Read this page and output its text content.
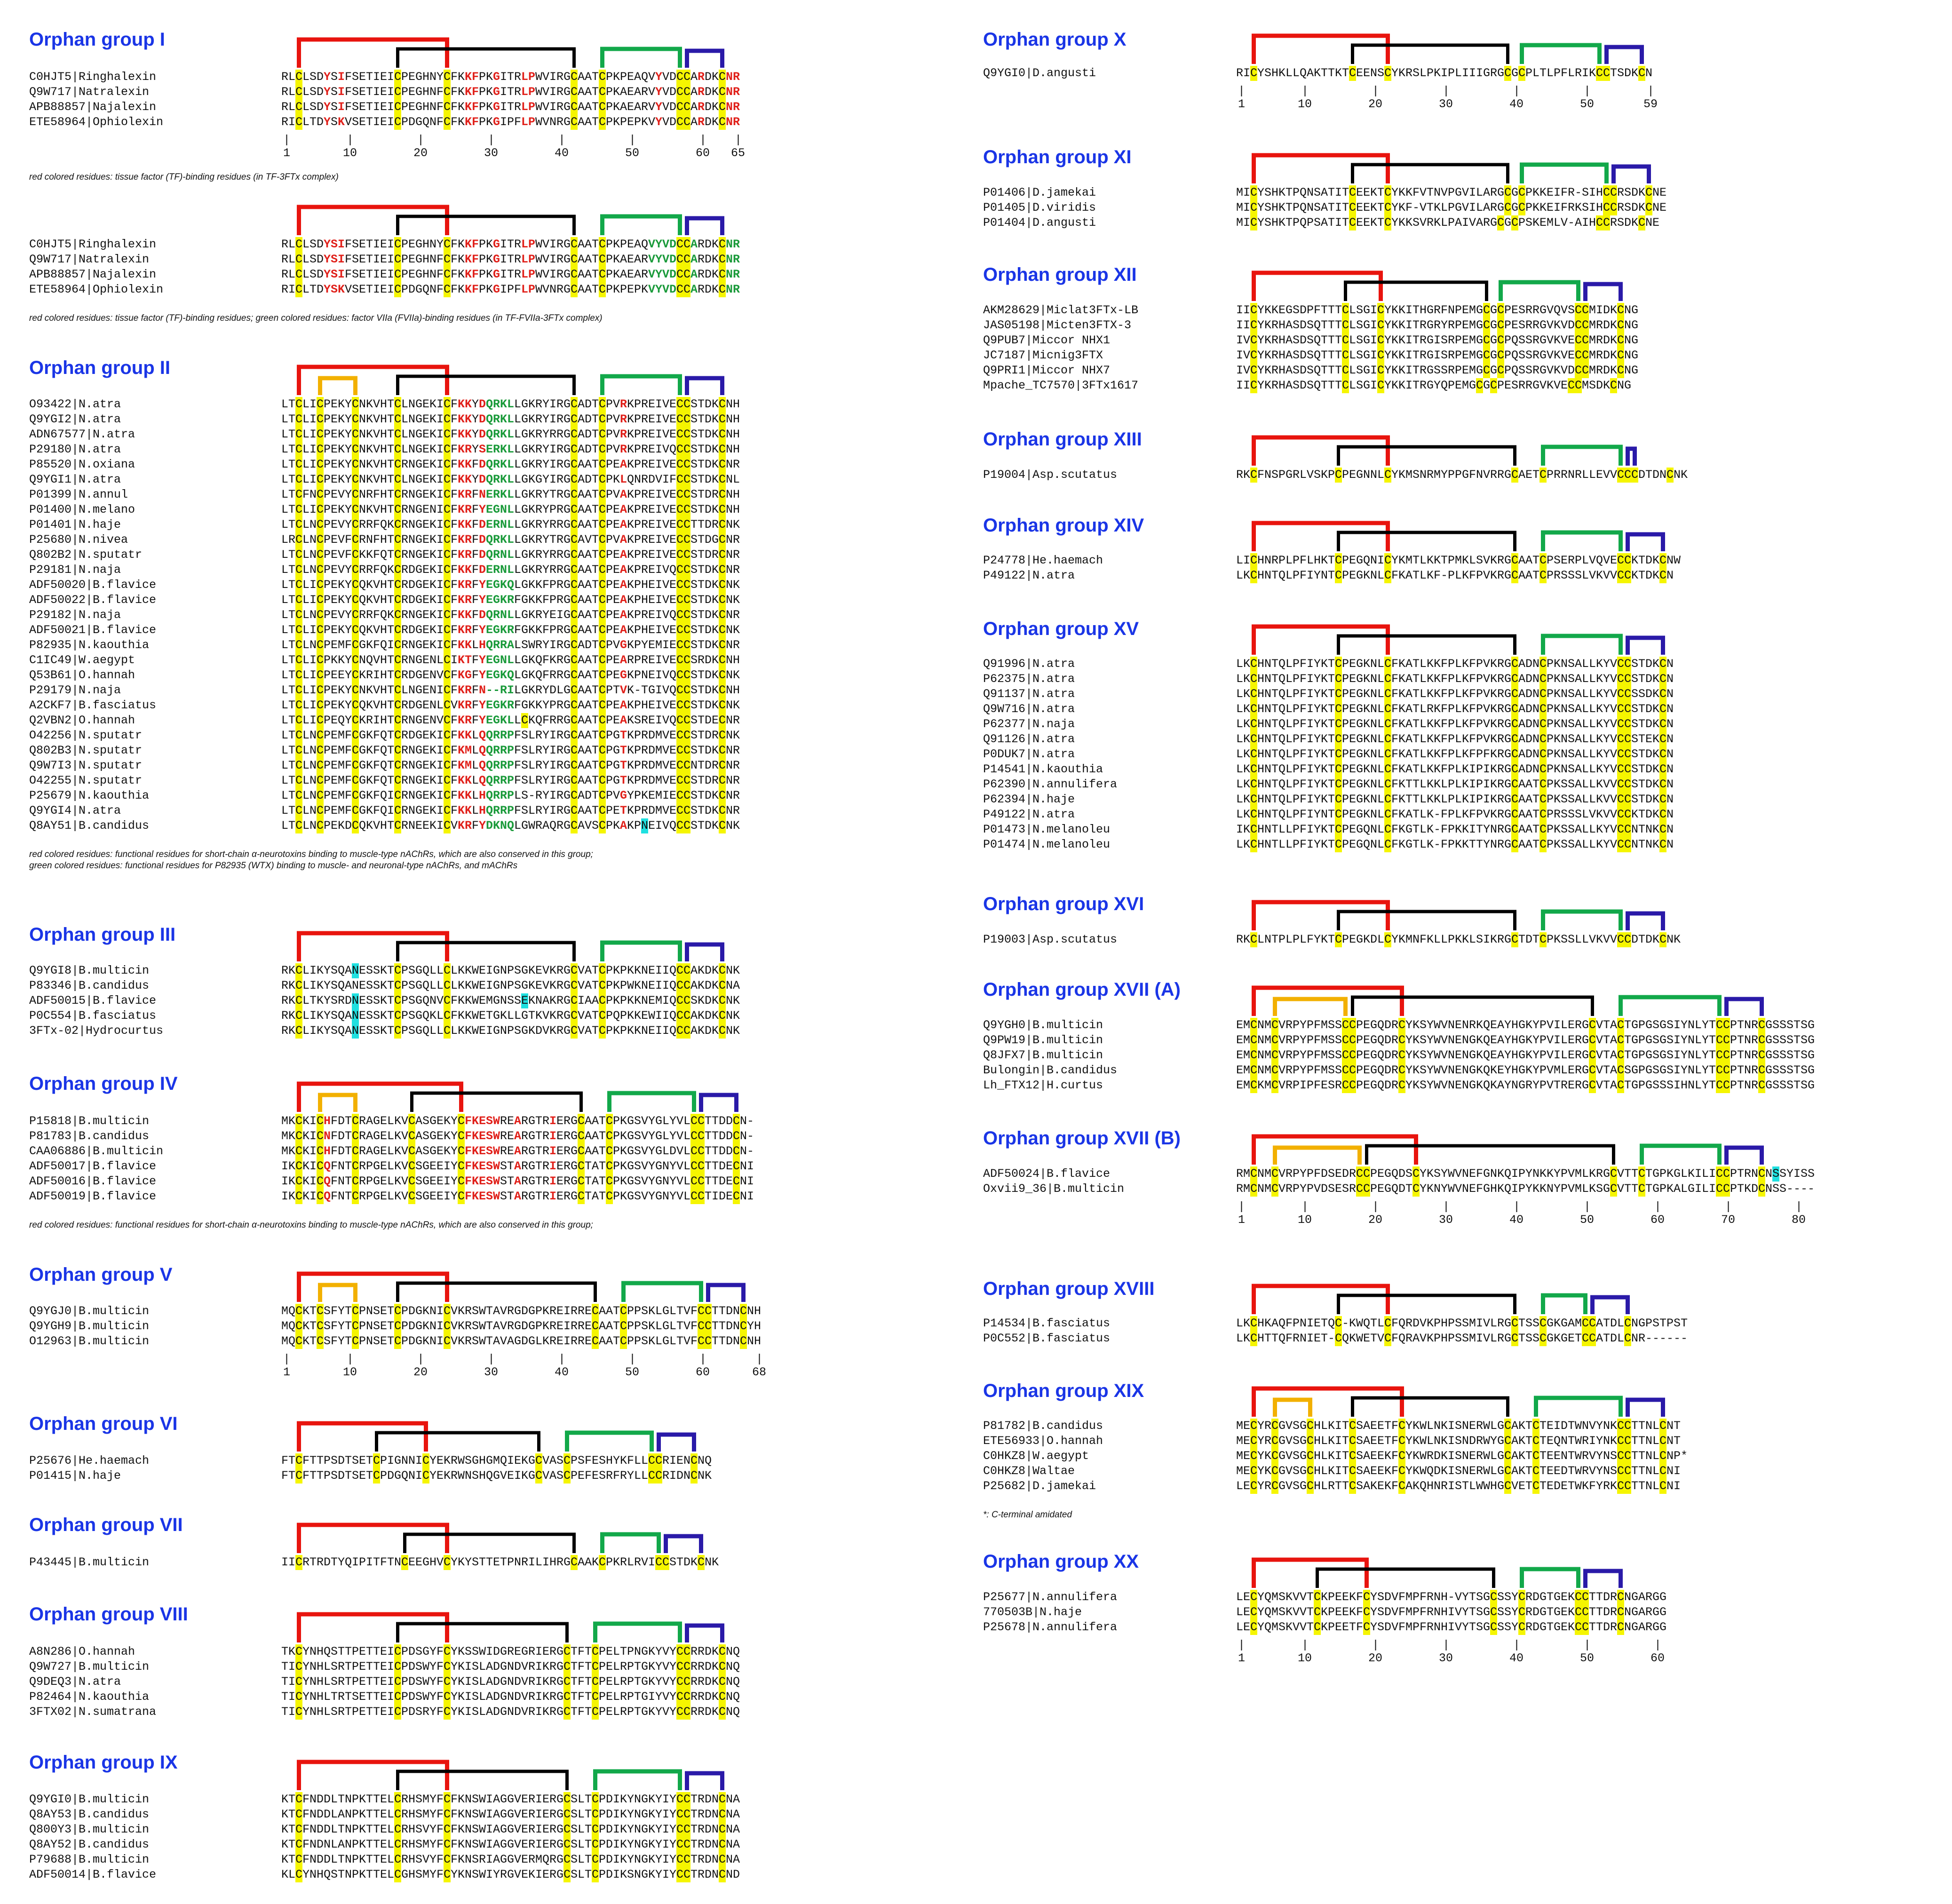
Orphan group I
C0HJT5|Ringhalexin	RLCLSDYSIFSETIEICPEGHNYCFKKFPKGITRLPWVIRGCAATCPKPEAQVYVDCCARDKCNR
Q9W717|Natralexin	RLCLSDYSIFSETIEICPEGHNFCFKKFPKGITRLPWVIRGCAATCPKAEARVYVDCCARDKCNR
APB88857|Najalexin	RLCLSDYSIFSETIEICPEGHNFCFKKFPKGITRLPWVIRGCAATCPKAEARVYVDCCARDKCNR
ETE58964|Ophiolexin	RICLTDYSKVSETIEICPDGQNFCFKKFPKGIPFLPWVNRGCAATCPKPEPKVYVDCCARDKCNR
|
1
|
10
|
20
|
30
|
40
|
50
|
60
|
65
red colored residues: tissue factor (TF)-binding residues (in TF-3FTx complex)
C0HJT5|Ringhalexin	RLCLSDYSIFSETIEICPEGHNYCFKKFPKGITRLPWVIRGCAATCPKPEAQVYVDCCARDKCNR
Q9W717|Natralexin	RLCLSDYSIFSETIEICPEGHNFCFKKFPKGITRLPWVIRGCAATCPKAEARVYVDCCARDKCNR
APB88857|Najalexin	RLCLSDYSIFSETIEICPEGHNFCFKKFPKGITRLPWVIRGCAATCPKAEARVYVDCCARDKCNR
ETE58964|Ophiolexin	RICLTDYSKVSETIEICPDGQNFCFKKFPKGIPFLPWVNRGCAATCPKPEPKVYVDCCARDKCNR
red colored residues: tissue factor (TF)-binding residues; green colored residues: factor VIIa (FVIIa)-binding residues (in TF-FVIIa-3FTx complex)
Orphan group II
O93422|N.atra	LTCLICPEKYCNKVHTCLNGEKICFKKYDQRKLLGKRYIRGCADTCPVRKPREIVECCSTDKCNH
Q9YGI2|N.atra	LTCLICPEKYCNKVHTCLNGEKICFKKYDQRKLLGKRYIRGCADTCPVRKPREIVECCSTDKCNH
ADN67577|N.atra	LTCLICPEKYCNKVHTCLNGEKICFKKYDQRKLLGKRYRRGCADTCPVRKPREIVECCSTDKCNH
P29180|N.atra	LTCLICPEKYCNKVHTCLNGEKICFKRYSERKLLGKRYIRGCADTCPVRKPREIVQCCSTDKCNH
P85520|N.oxiana	LTCLICPEKYCNKVHTCRNGEKICFKKFDQRKLLGKRYIRGCAATCPEAKPREIVECCSTDKCNR
Q9YGI1|N.atra	LTCLICPEKYCNKVHTCLNGEKICFKKYDQRKLLGKGYIRGCADTCPKLQNRDVIFCCSTDKCNL
P01399|N.annul	LTCFNCPEVYCNRFHTCRNGEKICFKRFNERKLLGKRYTRGCAATCPVAKPREIVECCSTDRCNH
P01400|N.melano	LTCLICPEKYCNKVHTCRNGENICFKRFYEGNLLGKRYPRGCAATCPEAKPREIVECCSTDKCNH
P01401|N.haje	LTCLNCPEVYCRRFQKCRNGEKICFKKFDERNLLGKRYRRGCAATCPEAKPREIVECCTTDRCNK
P25680|N.nivea	LRCLNCPEVFCRNFHTCRNGEKICFKRFDQRKLLGKRYTRGCAVTCPVAKPREIVECCSTDGCNR
Q802B2|N.sputatr	LTCLNCPEVFCKKFQTCRNGEKICFKRFDQRNLLGKRYRRGCAATCPEAKPREIVECCSTDRCNR
P29181|N.naja	LTCLNCPEVYCRRFQKCRDGEKICFKKFDERNLLGKRYRRGCAATCPEAKPREIVQCCSTDKCNR
ADF50020|B.flavice	LTCLICPEKYCQKVHTCRDGEKICFKRFYEGKQLGKKFPRGCAATCPEAKPHEIVECCSTDKCNK
ADF50022|B.flavice	LTCLICPEKYCQKVHTCRDGEKICFKRFYEGKRFGKKFPRGCAATCPEAKPHEIVECCSTDKCNK
P29182|N.naja	LTCLNCPEVYCRRFQKCRNGEKICFKKFDQRNLLGKRYEIGCAATCPEAKPREIVQCCSTDKCNR
ADF50021|B.flavice	LTCLICPEKYCQKVHTCRDGEKICFKRFYEGKRFGKKFPRGCAATCPEAKPHEIVECCSTDKCNK
P82935|N.kaouthia	LTCLNCPEMFCGKFQICRNGEKICFKKLHQRRALSWRYIRGCADTCPVGKPYEMIECCSTDKCNR
C1IC49|W.aegypt	LTCLICPKKYCNQVHTCRNGENLCIKTFYEGNLLGKQFKRGCAATCPEARPREIVECCSRDKCNH
Q53B61|O.hannah	LTCLICPEEYCKRIHTCRDGENVCFKGFYEGKQLGKQFRRGCAATCPEGKPNEIVQCCSTDKCNK
P29179|N.naja	LTCLICPEKYCNKVHTCLNGENICFKRFN--RILGKRYDLGCAATCPTVK-TGIVQCCSTDKCNH
A2CKF7|B.fasciatus	LTCLICPEKYCQKVHTCRDGENLCVKRFYEGKRFGKKYPRGCAATCPEAKPHEIVECCSTDKCNK
Q2VBN2|O.hannah	LTCLICPEQYCKRIHTCRNGENVCFKRFYEGKLLCKQFRRGCAATCPEAKSREIVQCCSTDECNR
O42256|N.sputatr	LTCLNCPEMFCGKFQTCRDGEKICFKKLQQRRPFSLRYIRGCAATCPGTKPRDMVECCSTDRCNK
Q802B3|N.sputatr	LTCLNCPEMFCGKFQTCRNGEKICFKMLQQRRPFSLRYIRGCAATCPGTKPRDMVECCSTDKCNR
Q9W7I3|N.sputatr	LTCLNCPEMFCGKFQTCRNGEKICFKMLQQRRPFSLRYIRGCAATCPGTKPRDMVECCNTDRCNR
O42255|N.sputatr	LTCLNCPEMFCGKFQTCRNGEKICFKKLQQRRPFSLRYIRGCAATCPGTKPRDMVECCSTDRCNR
P25679|N.kaouthia	LTCLNCPEMFCGKFQICRNGEKICFKKLHQRRPLS-RYIRGCADTCPVGYPKEMIECCSTDKCNR
Q9YGI4|N.atra	LTCLNCPEMFCGKFQICRNGEKICFKKLHQRRPFSLRYIRGCAATCPETKPRDMVECCSTDKCNR
Q8AY51|B.candidus	LTCLNCPEKDCQKVHTCRNEEKICVKRFYDKNQLGWRAQRGCAVSCPKAKPNEIVQCCSTDKCNK
red colored residues: functional residues for short-chain α-neurotoxins binding to muscle-type nAChRs, which are also conserved in this group;
green colored residues: functional residues for P82935 (WTX) binding to muscle- and neuronal-type nAChRs, and mAChRs
Orphan group III
Q9YGI8|B.multicin	RKCLIKYSQANESSKTCPSGQLLCLKKWEIGNPSGKEVKRGCVATCPKPKKNEIIQCCAKDKCNK
P83346|B.candidus	RKCLIKYSQANESSKTCPSGQLLCLKKWEIGNPSGKEVKRGCVATCPKPWKNEIIQCCAKDKCNA
ADF50015|B.flavice	RKCLTKYSRDNESSKTCPSGQNVCFKKWEMGNSSEKNAKRGCIAACPKPKKNEMIQCCSKDKCNK
P0C554|B.fasciatus	RKCLIKYSQANESSKTCPSGQKLCFKKWETGKLLGTKVKRGCVATCPQPKKEWIIQCCAKDKCNK
3FTx-02|Hydrocurtus	RKCLIKYSQANESSKTCPSGQLLCLKKWEIGNPSGKDVKRGCVATCPKPKKNEIIQCCAKDKCNK
Orphan group IV
P15818|B.multicin	MKCKICHFDTCRAGELKVCASGEKYCFKESWREARGTRIERGCAATCPKGSVYGLYVLCCTTDDCN-
P81783|B.candidus	MKCKICNFDTCRAGELKVCASGEKYCFKESWREARGTRIERGCAATCPKGSVYGLYVLCCTTDDCN-
CAA06886|B.multicin	MKCKICHFDTCRAGELKVCASGEKYCFKESWREARGTRIERGCAATCPKGSVYGLDVLCCTTDDCN-
ADF50017|B.flavice	IKCKICQFNTCRPGELKVCSGEEIYCFKESWSTARGTRIERGCTATCPKGSVYGNYVLCCTTDECNI
ADF50016|B.flavice	IKCKICQFNTCRPGELKVCSGEEIYCFKESWSTARGTRIERGCTATCPKGSVYGNYVLCCTTDECNI
ADF50019|B.flavice	IKCKICQFNTCRPGELKVCSGEEIYCFKESWSTARGTRIERGCTATCPKGSVYGNYVLCCTIDECNI
red colored residues: functional residues for short-chain α-neurotoxins binding to muscle-type nAChRs, which are also conserved in this group;
Orphan group V
Q9YGJ0|B.multicin	MQCKTCSFYTCPNSETCPDGKNICVKRSWTAVRGDGPKREIRRECAATCPPSKLGLTVFCCTTDNCNH
Q9YGH9|B.multicin	MQCKTCSFYTCPNSETCPDGKNICVKRSWTAVRGDGPKREIRRECAATCPPSKLGLTVFCCTTDNCYH
O12963|B.multicin	MQCKTCSFYTCPNSETCPDGKNICVKRSWTAVAGDGLKREIRRECAATCPPSKLGLTVFCCTTDNCNH
|
1
|
10
|
20
|
30
|
40
|
50
|
60
|
68
Orphan group VI
P25676|He.haemach	FTCFTTPSDTSETCPIGNNICYEKRWSGHGMQIEKGCVASCPSFESHYKFLLCCRIENCNQ
P01415|N.haje	FTCFTTPSDTSETCPDGQNICYEKRWNSHQGVEIKGCVASCPEFESRFRYLLCCRIDNCNK
Orphan group VII
P43445|B.multicin	IICRTRDTYQIPITFTNCEEGHVCYKYSTTETPNRILIHRGCAAKCPKRLRVICCSTDKCNK
Orphan group VIII
A8N286|O.hannah	TKCYNHQSTTPETTEICPDSGYFCYKSSWIDGREGRIERGCTFTCPELTPNGKYVYCCRRDKCNQ
Q9W727|B.multicin	TICYNHLSRTPETTEICPDSWYFCYKISLADGNDVRIKRGCTFTCPELRPTGKYVYCCRRDKCNQ
Q9DEQ3|N.atra	TICYNHLSRTPETTEICPDSWYFCYKISLADGNDVRIKRGCTFTCPELRPTGKYVYCCRRDKCNQ
P82464|N.kaouthia	TICYNHLTRTSETTEICPDSWYFCYKISLADGNDVRIKRGCTFTCPELRPTGIYVYCCRRDKCNQ
3FTX02|N.sumatrana	TICYNHLSRTPETTEICPDSRYFCYKISLADGNDVRIKRGCTFTCPELRPTGKYVYCCRRDKCNQ
Orphan group IX
Q9YGI0|B.multicin	KTCFNDDLTNPKTTELCRHSMYFCFKNSWIAGGVERIERGCSLTCPDIKYNGKYIYCCTRDNCNA
Q8AY53|B.candidus	KTCFNDDLANPKTTELCRHSMYFCFKNSWIAGGVERIERGCSLTCPDIKYNGKYIYCCTRDNCNA
Q800Y3|B.multicin	KTCFNDDLTNPKTTELCRHSVYFCFKNSWIAGGVERIERGCSLTCPDIKYNGKYIYCCTRDNCNA
Q8AY52|B.candidus	KTCFNDNLANPKTTELCRHSMYFCFKNSWIAGGVERIERGCSLTCPDIKYNGKYIYCCTRDNCNA
P79688|B.multicin	KTCFNDDLTNPKTTELCRHSVYFCFKNSRIAGGVERMQRGCSLTCPDIKYNGKYIYCCTRDNCNA
ADF50014|B.flavice	KLCYNHQSTNPKTTELCGHSMYFCYKNSWIYRGVEKIERGCSLTCPDIKSNGKYIYCCTRDNCND
Orphan group X
Q9YGI0|D.angusti	RICYSHKLLQAKTTKTCEENSCYKRSLPKIPLIIIGRGCGCPLTLPFLRIKCCTSDKCN
|
1
|
10
|
20
|
30
|
40
|
50
|
59
Orphan group XI
P01406|D.jamekai	MICYSHKTPQNSATITCEEKTCYKKFVTNVPGVILARGCGCPKKEIFR-SIHCCRSDKCNE
P01405|D.viridis	MICYSHKTPQNSATITCEEKTCYKF-VTKLPGVILARGCGCPKKEIFRKSIHCCRSDKCNE
P01404|D.angusti	MICYSHKTPQPSATITCEEKTCYKKSVRKLPAIVARGCGCPSKEMLV-AIHCCRSDKCNE
Orphan group XII
AKM28629|Miclat3FTx-LB	IICYKKEGSDPFTTTCLSGICYKKITHGRFNPEMGCGCPESRRGVQVSCCMIDKCNG
JAS05198|Micten3FTX-3	IICYKRHASDSQTTTCLSGICYKKITRGRYRPEMGCGCPESRRGVKVDCCMRDKCNG
Q9PUB7|Miccor NHX1	IVCYKRHASDSQTTTCLSGICYKKITRGISRPEMGCGCPQSSRGVKVECCMRDKCNG
JC7187|Micnig3FTX	IVCYKRHASDSQTTTCLSGICYKKITRGISRPEMGCGCPQSSRGVKVECCMRDKCNG
Q9PRI1|Miccor NHX7	IVCYKRHASDSQTTTCLSGICYKKITRGSSRPEMGCGCPQSSRGVKVDCCMRDKCNG
Mpache_TC7570|3FTx1617	IICYKRHASDSQTTTCLSGICYKKITRGYQPEMGCGCPESRRGVKVECCMSDKCNG
Orphan group XIII
P19004|Asp.scutatus	RKCFNSPGRLVSKPCPEGNNLCYKMSNRMYPPGFNVRRGCAETCPRRNRLLEVVCCCDTDNCNK
Orphan group XIV
P24778|He.haemach	LICHNRPLPFLHKTCPEGQNICYKMTLKKTPMKLSVKRGCAATCPSERPLVQVECCKTDKCNW
P49122|N.atra	LKCHNTQLPFIYNTCPEGKNLCFKATLKF-PLKFPVKRGCAATCPRSSSLVKVVCCKTDKCN
Orphan group XV
Q91996|N.atra	LKCHNTQLPFIYKTCPEGKNLCFKATLKKFPLKFPVKRGCADNCPKNSALLKYVCCSTDKCN
P62375|N.atra	LKCHNTQLPFIYKTCPEGKNLCFKATLKKFPLKFPVKRGCADNCPKNSALLKYVCCSTDKCN
Q91137|N.atra	LKCHNTQLPFIYKTCPEGKNLCFKATLKKFPLKFPVKRGCADNCPKNSALLKYVCCSSDKCN
Q9W716|N.atra	LKCHNTQLPFIYKTCPEGKNLCFKATLRKFPLKFPVKRGCADNCPKNSALLKYVCCSTDKCN
P62377|N.naja	LKCHNTQLPFIYKTCPEGKNLCFKATLKKFPLKFPVKRGCADNCPKNSALLKYVCCSTDKCN
Q91126|N.atra	LKCHNTQLPFIYKTCPEGKNLCFKATLKKFPLKFPVKRGCADNCPKNSALLKYVCCSTEKCN
P0DUK7|N.atra	LKCHNTQLPFIYKTCPEGKNLCFKATLKKFPLKFPFKRGCADNCPKNSALLKYVCCSTDKCN
P14541|N.kaouthia	LKCHNTQLPFIYKTCPEGKNLCFKATLKKFPLKIPIKRGCADNCPKNSALLKYVCCSTDKCN
P62390|N.annulifera	LKCHNTQLPFIYKTCPEGKNLCFKTTLKKLPLKIPIKRGCAATCPKSSALLKVVCCSTDKCN
P62394|N.haje	LKCHNTQLPFIYKTCPEGKNLCFKTTLKKLPLKIPIKRGCAATCPKSSALLKVVCCSTDKCN
P49122|N.atra	LKCHNTQLPFIYNTCPEGKNLCFKATLK-FPLKFPVKRGCAATCPRSSSLVKVVCCKTDKCN
P01473|N.melanoleu	IKCHNTLLPFIYKTCPEGQNLCFKGTLK-FPKKITYNRGCAATCPKSSALLKYVCCNTNKCN
P01474|N.melanoleu	LKCHNTLLPFIYKTCPEGQNLCFKGTLK-FPKKTTYNRGCAATCPKSSALLKYVCCNTNKCN
Orphan group XVI
P19003|Asp.scutatus	RKCLNTPLPLFYKTCPEGKDLCYKMNFKLLPKKLSIKRGCTDTCPKSSLLVKVVCCDTDKCNK
Orphan group XVII (A)
Q9YGH0|B.multicin	EMCNMCVRPYPFMSSCCPEGQDRCYKSYWVNENRKQEAYHGKYPVILERGCVTACTGPGSGSIYNLYTCCPTNRCGSSSTSG
Q9PW19|B.multicin	EMCNMCVRPYPFMSSCCPEGQDRCYKSYWVNENGKQEAYHGKYPVILERGCVTACTGPGSGSIYNLYTCCPTNRCGSSSTSG
Q8JFX7|B.multicin	EMCNMCVRPYPFMSSCCPEGQDRCYKSYWVNENGKQEAYHGKYPVILERGCVTACTGPGSGSIYNLYTCCPTNRCGSSSTSG
Bulongin|B.candidus	EMCNMCVRPYPFMSSCCPEGQDRCYKSYWVNENGKQKEYHGKYPVMLERGCVTACSGPGSGSIYNLYTCCPTNRCGSSSTSG
Lh_FTX12|H.curtus	EMCKMCVRPIPFESRCCPEGQDRCYKSYWVNENGKQKAYNGRYPVTRERGCVTACTGPGSSSIHNLYTCCPTNRCGSSSTSG
Orphan group XVII (B)
ADF50024|B.flavice	RMCNMCVRPYPFDSEDRCCPEGQDSCYKSYWVNEFGNKQIPYNKKYPVMLKRGCVTTCTGPKGLKILICCPTRNCNSSYISS
Oxvii9_36|B.multicin	RMCNMCVRPYPVDSESRCCPEGQDTCYKNYWVNEFGHKQIPYKKNYPVMLKSGCVTTCTGPKALGILICCPTKDCNSS----
|
1
|
10
|
20
|
30
|
40
|
50
|
60
|
70
|
80
Orphan group XVIII
P14534|B.fasciatus	LKCHKAQFPNIETQC-KWQTLCFQRDVKPHPSSMIVLRGCTSSCGKGAMCCATDLCNGPSTPST
P0C552|B.fasciatus	LKCHTTQFRNIET-CQKWETVCFQRAVKPHPSSMIVLRGCTSSCGKGETCCATDLCNR------
Orphan group XIX
P81782|B.candidus	MECYRCGVSGCHLKITCSAEETFCYKWLNKISNERWLGCAKTCTEIDTWNVYNKCCTTNLCNT
ETE56933|O.hannah	MECYRCGVSGCHLKITCSAEETFCYKWLNKISNDRWYGCAKTCTEQNTWRIYNKCCTTNLCNT
C0HKZ8|W.aegypt	MECYKCGVSGCHLKITCSAEEKFCYKWRDKISNERWLGCAKTCTEENTWRVYNSCCTTNLCNP*
C0HKZ8|Waltae	MECYKCGVSGCHLKITCSAEEKFCYKWQDKISNERWLGCAKTCTEEDTWRVYNSCCTTNLCNI
P25682|D.jamekai	LECYRCGVSGCHLRTTCSAKEKFCAKQHNRISTLWWHGCVETCTEDETWKFYRKCCTTNLCNI
*: C-terminal amidated
Orphan group XX
P25677|N.annulifera	LECYQMSKVVTCKPEEKFCYSDVFMPFRNH-VYTSGCSSYCRDGTGEKCCTTDRCNGARGG
770503B|N.haje	LECYQMSKVVTCKPEEKFCYSDVFMPFRNHIVYTSGCSSYCRDGTGEKCCTTDRCNGARGG
P25678|N.annulifera	LECYQMSKVVTCKPEETFCYSDVFMPFRNHIVYTSGCSSYCRDGTGEKCCTTDRCNGARGG
|
1
|
10
|
20
|
30
|
40
|
50
|
60
